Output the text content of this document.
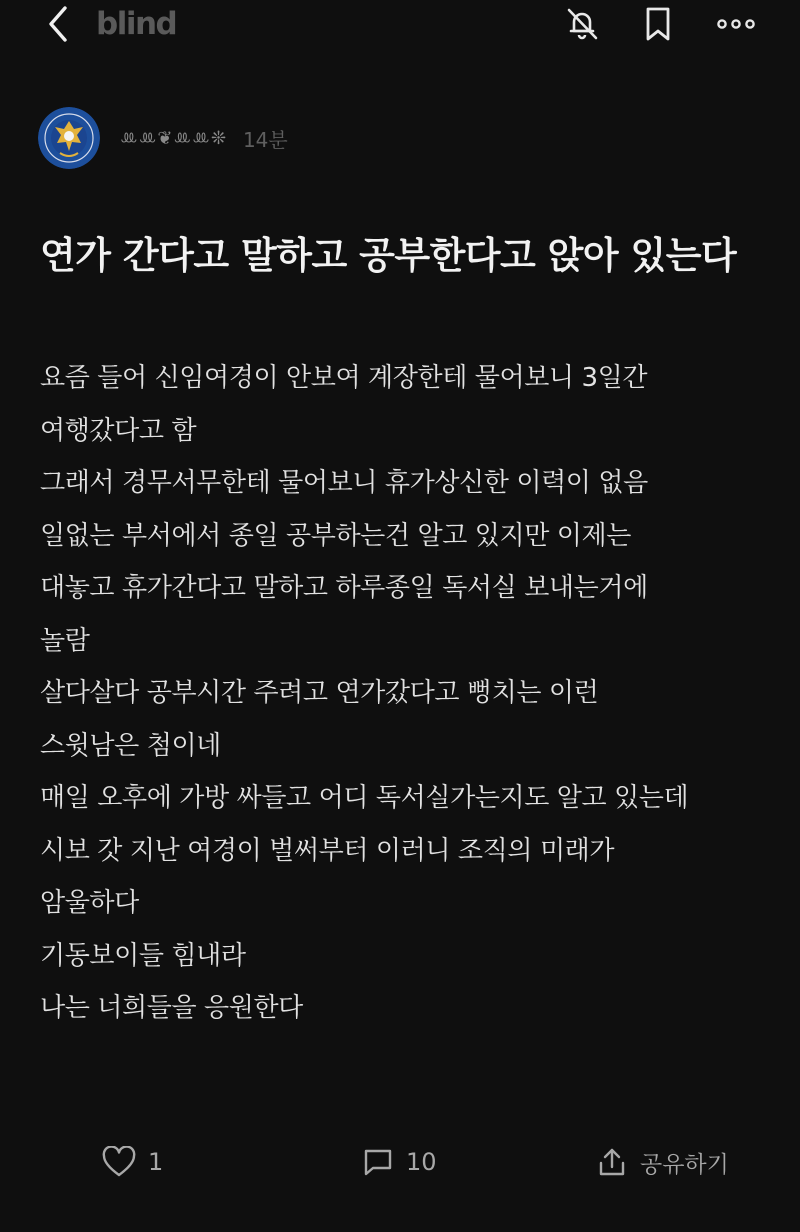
blind
ꔛꔛ❦ꔛꔛ❊ 14분
연가 간다고 말하고 공부한다고 앉아 있는다
요즘 들어 신임여경이 안보여 계장한테 물어보니 3일간
여행갔다고 함
그래서 경무서무한테 물어보니 휴가상신한 이력이 없음
일없는 부서에서 종일 공부하는건 알고 있지만 이제는
대놓고 휴가간다고 말하고 하루종일 독서실 보내는거에
놀람
살다살다 공부시간 주려고 연가갔다고 뻥치는 이런
스윗남은 첨이네
매일 오후에 가방 싸들고 어디 독서실가는지도 알고 있는데
시보 갓 지난 여경이 벌써부터 이러니 조직의 미래가
암울하다
기동보이들 힘내라
나는 너희들을 응원한다
1	10	공유하기
